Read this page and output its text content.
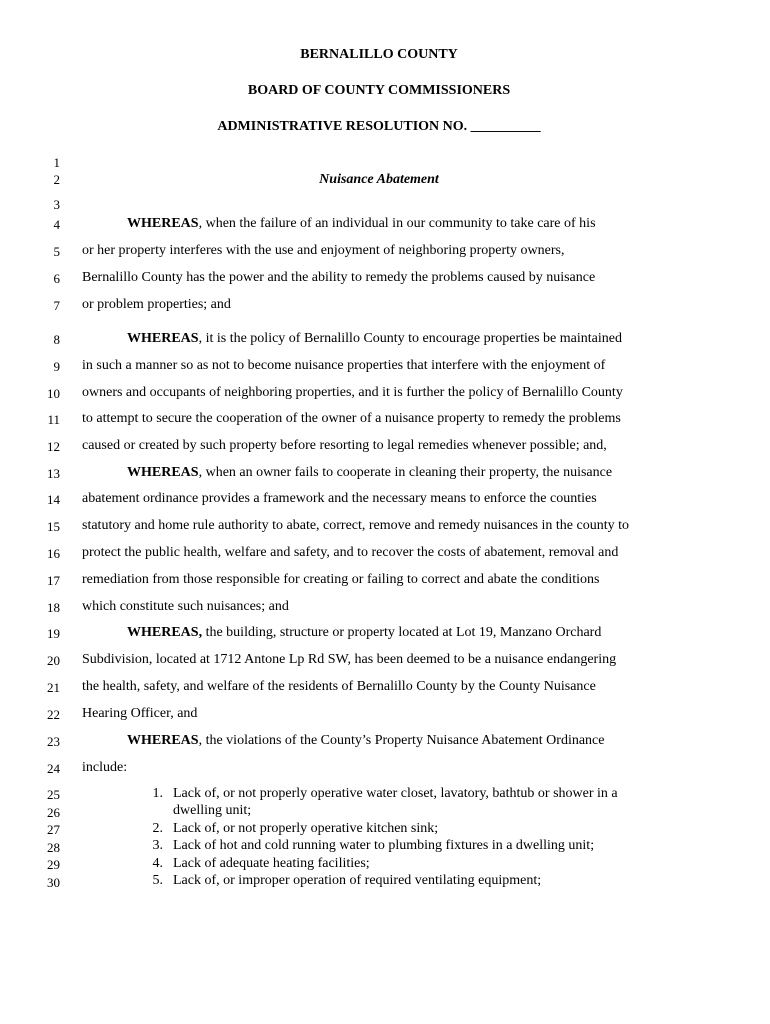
BERNALILLO COUNTY
BOARD OF COUNTY COMMISSIONERS
ADMINISTRATIVE RESOLUTION NO. __________
1
2
3
4
5
6
7
8
9
10
11
12
13
14
15
16
17
18
19
20
21
22
23
24
25
26
27
28
29
30
Nuisance Abatement
WHEREAS, when the failure of an individual in our community to take care of his
or her property interferes with the use and enjoyment of neighboring property owners,
Bernalillo County has the power and the ability to remedy the problems caused by nuisance
or problem properties; and
WHEREAS, it is the policy of Bernalillo County to encourage properties be maintained
in such a manner so as not to become nuisance properties that interfere with the enjoyment of
owners and occupants of neighboring properties, and it is further the policy of Bernalillo County
to attempt to secure the cooperation of the owner of a nuisance property to remedy the problems
caused or created by such property before resorting to legal remedies whenever possible; and,
WHEREAS, when an owner fails to cooperate in cleaning their property, the nuisance
abatement ordinance provides a framework and the necessary means to enforce the counties
statutory and home rule authority to abate, correct, remove and remedy nuisances in the county to
protect the public health, welfare and safety, and to recover the costs of abatement, removal and
remediation from those responsible for creating or failing to correct and abate the conditions
which constitute such nuisances; and
WHEREAS, the building, structure or property located at Lot 19, Manzano Orchard
Subdivision, located at 1712 Antone Lp Rd SW, has been deemed to be a nuisance endangering
the health, safety, and welfare of the residents of Bernalillo County by the County Nuisance
Hearing Officer, and
WHEREAS, the violations of the County’s Property Nuisance Abatement Ordinance
include:
1. Lack of, or not properly operative water closet, lavatory, bathtub or shower in a
dwelling unit;
2. Lack of, or not properly operative kitchen sink;
3. Lack of hot and cold running water to plumbing fixtures in a dwelling unit;
4. Lack of adequate heating facilities;
5. Lack of, or improper operation of required ventilating equipment;
